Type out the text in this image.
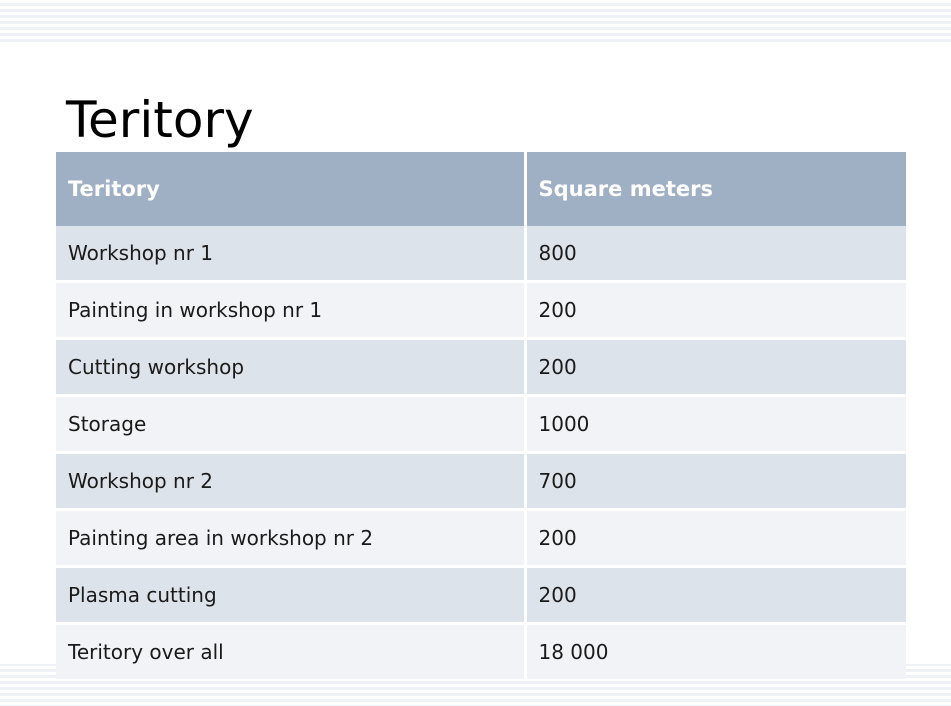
Teritory
Teritory	Square meters
Workshop nr 1	800
Painting in workshop nr 1	200
Cutting workshop	200
Storage	1000
Workshop nr 2	700
Painting area in workshop nr 2	200
Plasma cutting	200
Teritory over all	18 000
